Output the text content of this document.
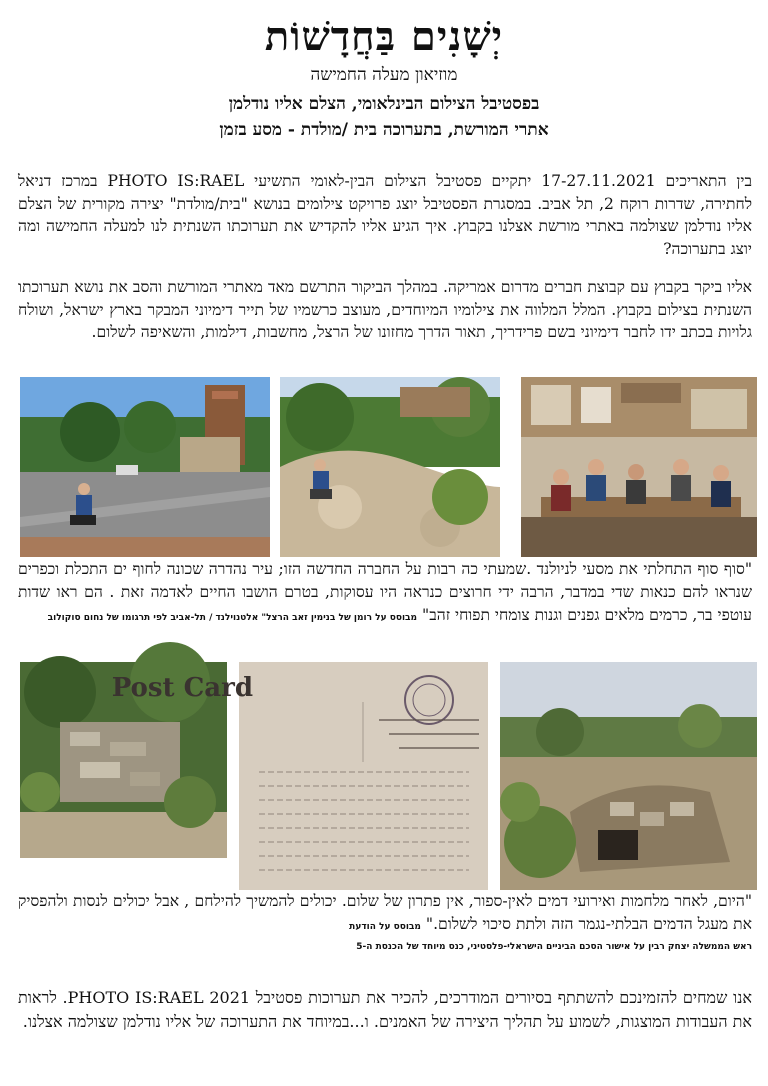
יְשָׁנִים בַּחֲדָשׁוֹת
מוזיאון מעלה החמישה
בפסטיבל הצילום הבינלאומי, הצלם אליו נודלמן
אתרי המורשת, בתערוכה בית /מולדת - מסע בזמן
בין התאריכים 17-27.11.2021 יתקיים פסטיבל הצילום הבין-לאומי התשיעי PHOTO IS:RAEL במרכז דניאל לחתירה, שדרות רוקח 2, תל אביב. במסגרת הפסטיבל יוצג פרויקט צילומים בנושא "בית/מולדת" יצירה מקורית של הצלם אליו נודלמן שצולמה באתרי מורשת אצלנו בקבוץ. איך הגיע אליו להקדיש את תערוכתו השנתית לנו למעלה החמישה ומה יוצג בתערוכה?
אליו ביקר בקבוץ עם קבוצת חברים מדרום אמריקה. במהלך הביקור התרשם מאד מאתרי המורשת והסב את נושא תערוכתו השנתית בצילום בקבוץ. המלל המלווה את צילומיו המיוחדים, מעוצב כרשמיו של תייר דימיוני המבקר בארץ ישראל, ושולח גלויות בכתב ידו לחבר דימיוני בשם פרידריך, תאור הדרך מחזונו של הרצל, מחשבות, דילמות, והשאיפה לשלום.
"סוף סוף התחלתי את מסעי לניולנד .שמעתי כה רבות על החברה החדשה הזו; עיר נהדרה שכונה לחוף ים התכלת וכפרים שנראו להם כנאות שדי במדבר, הרבה ידי חרוצים כנראה היו עסוקות, בטרם הושבו החיים לאדמה זאת . הם ראו שדות עוטפי בר, כרמים מלאים גפנים וגנות צומחי תפוחי זהב" מבוסס על רומן של בנימין זאב הרצל" אלטנוילנד / תל-אביב לפי תרגומו של נחום סוקולוב
Post Card
"היום, לאחר מלחמות ואירועי דמים לאין-ספור, אין פתרון של שלום. יכולים להמשיך להילחם , אבל יכולים לנסות ולהפסיק את מעגל הדמים הבלתי-נגמר הזה ולתת סיכוי לשלום." מבוסס על הודעת
ראש הממשלה יצחק רבין על אישור הסכם הביניים הישראלי-פלסטיני, כנס מיוחד של הכנסת ה-5
אנו שמחים להזמינכם להשתתף בסיורים המודרכים, להכיר את תערוכות פסטיבל 2021 PHOTO IS:RAEL. לראות את העבודות המוצגות, לשמוע על תהליך היצירה של האמנים. ו...במיוחד את התערוכה של אליו נודלמן שצולמה אצלנו.
